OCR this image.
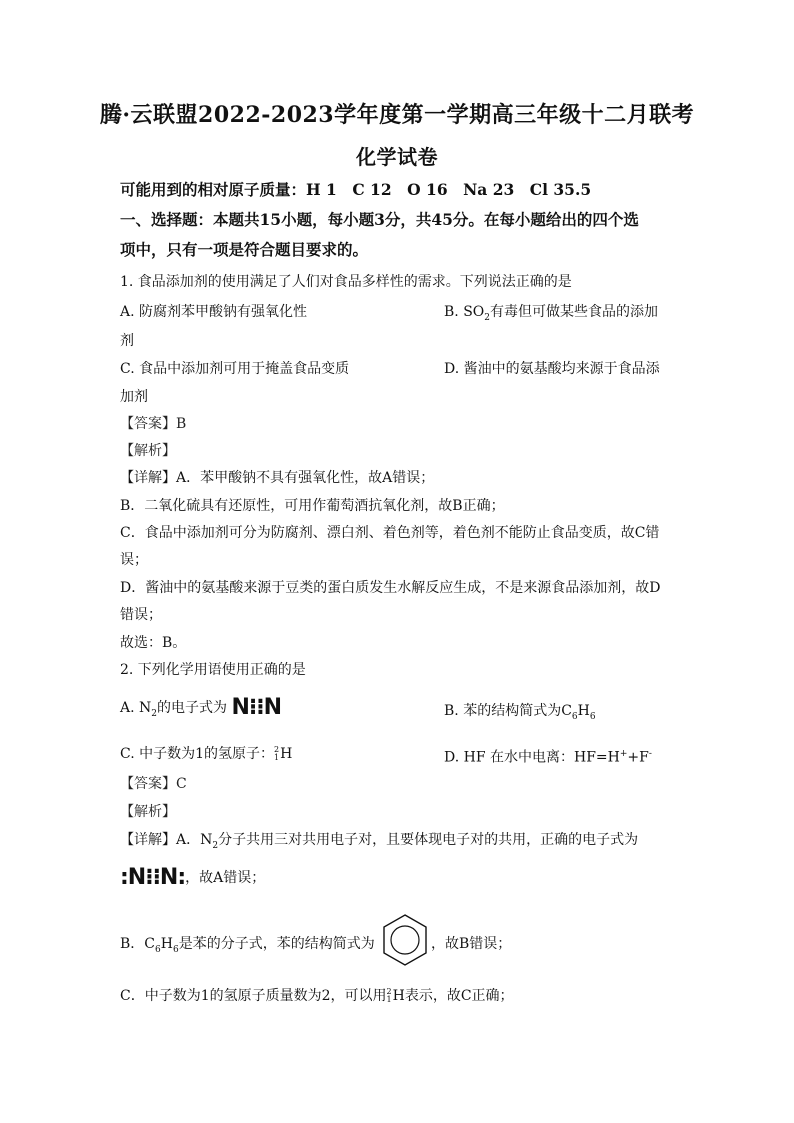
腾·云联盟2022-2023学年度第一学期高三年级十二月联考
化学试卷
可能用到的相对原子质量：H 1　C 12　O 16　Na 23　Cl 35.5
一、选择题：本题共15小题，每小题3分，共45分。在每小题给出的四个选
项中，只有一项是符合题目要求的。
1. 食品添加剂的使用满足了人们对食品多样性的需求。下列说法正确的是
A. 防腐剂苯甲酸钠有强氧化性	B. $SO_2$有毒但可做某些食品的添加
剂
C. 食品中添加剂可用于掩盖食品变质	D. 酱油中的氨基酸均来源于食品添
加剂
【答案】B
【解析】
【详解】A．苯甲酸钠不具有强氧化性，故A错误；
B．二氧化硫具有还原性，可用作葡萄酒抗氧化剂，故B正确；
C．食品中添加剂可分为防腐剂、漂白剂、着色剂等，着色剂不能防止食品变质，故C错
误；
D．酱油中的氨基酸来源于豆类的蛋白质发生水解反应生成，不是来源食品添加剂，故D
错误；
故选：B。
2. 下列化学用语使用正确的是
A. $N_2$的电子式为 N⁝⁝N	B. 苯的结构简式为$C_6H_6$
C. 中子数为1的氢原子： 2
1 H	D. HF 在水中电离：HF=H++F-
【答案】C
【解析】
【详解】A．$N_2$分子共用三对共用电子对，且要体现电子对的共用，正确的电子式为
:N⁝⁝N:，故A错误；
B．$C_6H_6$是苯的分子式，苯的结构简式为	，故B错误；
C．中子数为1的氢原子质量数为2，可以用 2
1 H表示，故C正确；
